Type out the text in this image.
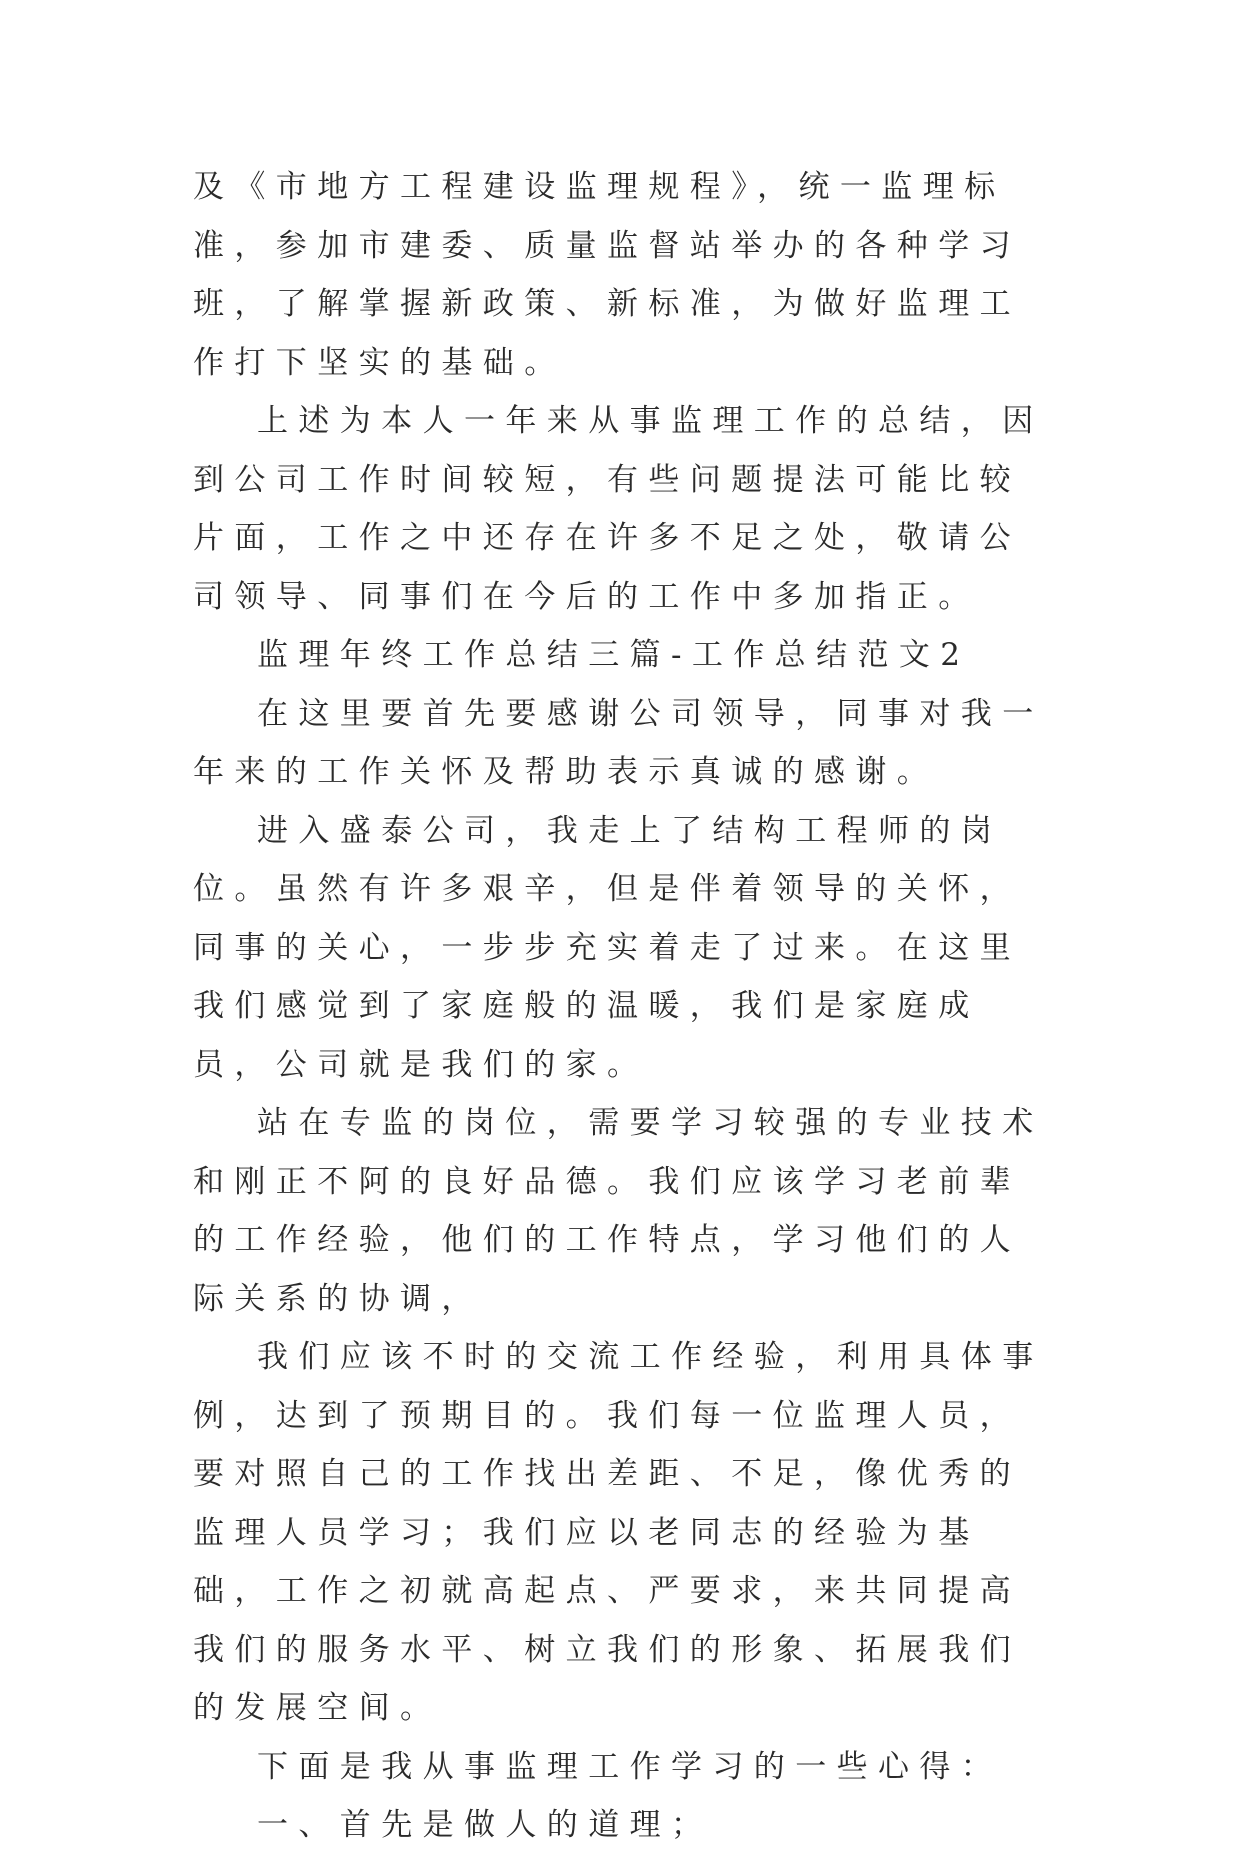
及《市地方工程建设监理规程》，统一监理标准，参加市建委、质量监督站举办的各种学习班，了解掌握新政策、新标准，为做好监理工作打下坚实的基础。

上述为本人一年来从事监理工作的总结，因到公司工作时间较短，有些问题提法可能比较片面，工作之中还存在许多不足之处，敬请公司领导、同事们在今后的工作中多加指正。

监理年终工作总结三篇-工作总结范文2

在这里要首先要感谢公司领导，同事对我一年来的工作关怀及帮助表示真诚的感谢。

进入盛泰公司，我走上了结构工程师的岗位。虽然有许多艰辛，但是伴着领导的关怀，同事的关心，一步步充实着走了过来。在这里我们感觉到了家庭般的温暖，我们是家庭成员，公司就是我们的家。

站在专监的岗位，需要学习较强的专业技术和刚正不阿的良好品德。我们应该学习老前辈的工作经验，他们的工作特点，学习他们的人际关系的协调，

我们应该不时的交流工作经验，利用具体事例，达到了预期目的。我们每一位监理人员，要对照自己的工作找出差距、不足，像优秀的监理人员学习；我们应以老同志的经验为基础，工作之初就高起点、严要求，来共同提高我们的服务水平、树立我们的形象、拓展我们的发展空间。

下面是我从事监理工作学习的一些心得：

一、首先是做人的道理；
